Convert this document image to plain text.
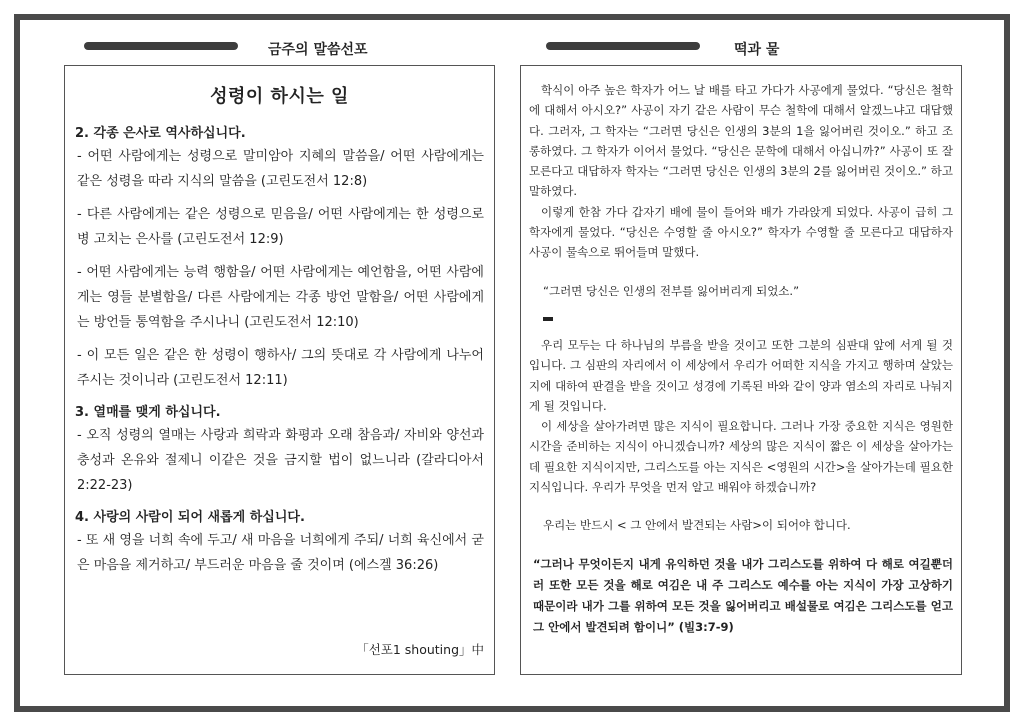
금주의 말씀선포	떡과 물
성령이 하시는 일
2. 각종 은사로 역사하십니다.

- 어떤 사람에게는 성령으로 말미암아 지혜의 말씀을/ 어떤 사람에게는 같은 성령을 따라 지식의 말씀을 (고린도전서 12:8)

- 다른 사람에게는 같은 성령으로 믿음을/ 어떤 사람에게는 한 성령으로 병 고치는 은사를 (고린도전서 12:9)

- 어떤 사람에게는 능력 행함을/ 어떤 사람에게는 예언함을, 어떤 사람에게는 영들 분별함을/ 다른 사람에게는 각종 방언 말함을/ 어떤 사람에게는 방언들 통역함을 주시나니 (고린도전서 12:10)

- 이 모든 일은 같은 한 성령이 행하사/ 그의 뜻대로 각 사람에게 나누어 주시는 것이니라 (고린도전서 12:11)

3. 열매를 맺게 하십니다.

- 오직 성령의 열매는 사랑과 희락과 화평과 오래 참음과/ 자비와 양선과 충성과 온유와 절제니 이같은 것을 금지할 법이 없느니라 (갈라디아서 2:22-23)

4. 사랑의 사람이 되어 새롭게 하십니다.

- 또 새 영을 너희 속에 두고/ 새 마음을 너희에게 주되/ 너희 육신에서 굳은 마음을 제거하고/ 부드러운 마음을 줄 것이며 (에스겔 36:26)

「선포1 shouting」中

학식이 아주 높은 학자가 어느 날 배를 타고 가다가 사공에게 물었다. “당신은 철학에 대해서 아시오?” 사공이 자기 같은 사람이 무슨 철학에 대해서 알겠느냐고 대답했다. 그러자, 그 학자는 “그러면 당신은 인생의 3분의 1을 잃어버린 것이오.” 하고 조롱하였다. 그 학자가 이어서 물었다. “당신은 문학에 대해서 아십니까?” 사공이 또 잘 모른다고 대답하자 학자는 “그러면 당신은 인생의 3분의 2를 잃어버린 것이오.” 하고 말하였다.

이렇게 한참 가다 갑자기 배에 물이 들어와 배가 가라앉게 되었다. 사공이 급히 그 학자에게 물었다. “당신은 수영할 줄 아시오?” 학자가 수영할 줄 모른다고 대답하자 사공이 물속으로 뛰어들며 말했다.

“그러면 당신은 인생의 전부를 잃어버리게 되었소.”

우리 모두는 다 하나님의 부름을 받을 것이고 또한 그분의 심판대 앞에 서게 될 것입니다. 그 심판의 자리에서 이 세상에서 우리가 어떠한 지식을 가지고 행하며 살았는지에 대하여 판결을 받을 것이고 성경에 기록된 바와 같이 양과 염소의 자리로 나눠지게 될 것입니다.

이 세상을 살아가려면 많은 지식이 필요합니다. 그러나 가장 중요한 지식은 영원한 시간을 준비하는 지식이 아니겠습니까? 세상의 많은 지식이 짧은 이 세상을 살아가는데 필요한 지식이지만, 그리스도를 아는 지식은 <영원의 시간>을 살아가는데 필요한 지식입니다. 우리가 무엇을 먼저 알고 배워야 하겠습니까?

우리는 반드시 < 그 안에서 발견되는 사람>이 되어야 합니다.

“그러나 무엇이든지 내게 유익하던 것을 내가 그리스도를 위하여 다 해로 여길뿐더러 또한 모든 것을 해로 여김은 내 주 그리스도 예수를 아는 지식이 가장 고상하기 때문이라 내가 그를 위하여 모든 것을 잃어버리고 배설물로 여김은 그리스도를 얻고 그 안에서 발견되려 함이니” (빌3:7-9)
